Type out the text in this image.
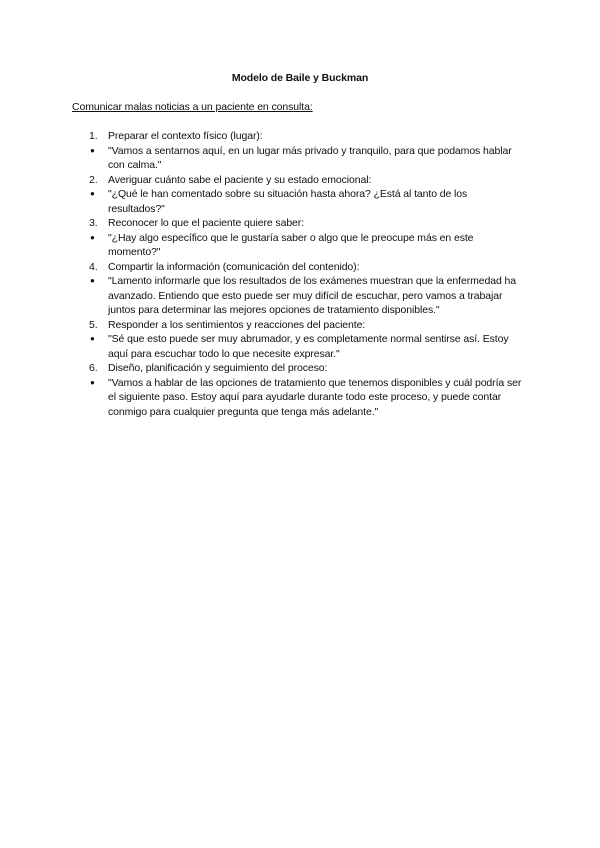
Modelo de Baile y Buckman
Comunicar malas noticias a un paciente en consulta:
1. Preparar el contexto físico (lugar):
● "Vamos a sentarnos aquí, en un lugar más privado y tranquilo, para que podamos hablar con calma."
2. Averiguar cuánto sabe el paciente y su estado emocional:
● "¿Qué le han comentado sobre su situación hasta ahora? ¿Está al tanto de los resultados?"
3. Reconocer lo que el paciente quiere saber:
● "¿Hay algo específico que le gustaría saber o algo que le preocupe más en este momento?"
4. Compartir la información (comunicación del contenido):
● "Lamento informarle que los resultados de los exámenes muestran que la enfermedad ha avanzado. Entiendo que esto puede ser muy difícil de escuchar, pero vamos a trabajar juntos para determinar las mejores opciones de tratamiento disponibles."
5. Responder a los sentimientos y reacciones del paciente:
● "Sé que esto puede ser muy abrumador, y es completamente normal sentirse así. Estoy aquí para escuchar todo lo que necesite expresar."
6. Diseño, planificación y seguimiento del proceso:
● "Vamos a hablar de las opciones de tratamiento que tenemos disponibles y cuál podría ser el siguiente paso. Estoy aquí para ayudarle durante todo este proceso, y puede contar conmigo para cualquier pregunta que tenga más adelante."
